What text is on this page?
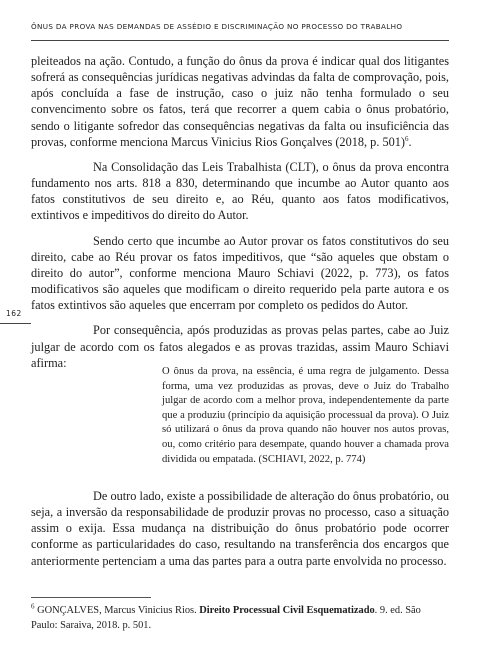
ÔNUS DA PROVA NAS DEMANDAS DE ASSÉDIO E DISCRIMINAÇÃO NO PROCESSO DO TRABALHO
162

pleiteados na ação. Contudo, a função do ônus da prova é indicar qual dos litigantes sofrerá as consequências jurídicas negativas advindas da falta de comprovação, pois, após concluída a fase de instrução, caso o juiz não tenha formulado o seu convencimento sobre os fatos, terá que recorrer a quem cabia o ônus probatório, sendo o litigante sofredor das consequências negativas da falta ou insuficiência das provas, conforme menciona Marcus Vinicius Rios Gonçalves (2018, p. 501)$^6$.

Na Consolidação das Leis Trabalhista (CLT), o ônus da prova encontra fundamento nos arts. 818 a 830, determinando que incumbe ao Autor quanto aos fatos constitutivos de seu direito e, ao Réu, quanto aos fatos modificativos, extintivos e impeditivos do direito do Autor.

Sendo certo que incumbe ao Autor provar os fatos constitutivos do seu direito, cabe ao Réu provar os fatos impeditivos, que “são aqueles que obstam o direito do autor”, conforme menciona Mauro Schiavi (2022, p. 773), os fatos modificativos são aqueles que modificam o direito requerido pela parte autora e os fatos extintivos são aqueles que encerram por completo os pedidos do Autor.

Por consequência, após produzidas as provas pelas partes, cabe ao Juiz julgar de acordo com os fatos alegados e as provas trazidas, assim Mauro Schiavi afirma:

O ônus da prova, na essência, é uma regra de julgamento. Dessa forma, uma vez produzidas as provas, deve o Juiz do Trabalho julgar de acordo com a melhor prova, independentemente da parte que a produziu (princípio da aquisição processual da prova). O Juiz só utilizará o ônus da prova quando não houver nos autos provas, ou, como critério para desempate, quando houver a chamada prova dividida ou empatada. (SCHIAVI, 2022, p. 774)

De outro lado, existe a possibilidade de alteração do ônus probatório, ou seja, a inversão da responsabilidade de produzir provas no processo, caso a situação assim o exija. Essa mudança na distribuição do ônus probatório pode ocorrer conforme as particularidades do caso, resultando na transferência dos encargos que anteriormente pertenciam a uma das partes para a outra parte envolvida no processo.

$^6$ GONÇALVES, Marcus Vinicius Rios. Direito Processual Civil Esquematizado. 9. ed. São Paulo: Saraiva, 2018. p. 501.
